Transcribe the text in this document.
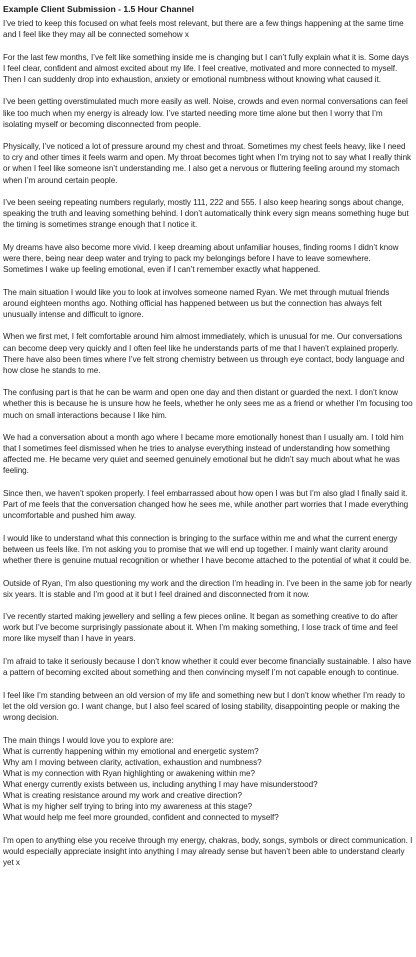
Example Client Submission - 1.5 Hour Channel
I’ve tried to keep this focused on what feels most relevant, but there are a few things happening at the same time and I feel like they may all be connected somehow x
For the last few months, I’ve felt like something inside me is changing but I can’t fully explain what it is. Some days I feel clear, confident and almost excited about my life. I feel creative, motivated and more connected to myself. Then I can suddenly drop into exhaustion, anxiety or emotional numbness without knowing what caused it.
I’ve been getting overstimulated much more easily as well. Noise, crowds and even normal conversations can feel like too much when my energy is already low. I’ve started needing more time alone but then I worry that I’m isolating myself or becoming disconnected from people.
Physically, I’ve noticed a lot of pressure around my chest and throat. Sometimes my chest feels heavy, like I need to cry and other times it feels warm and open. My throat becomes tight when I’m trying not to say what I really think or when I feel like someone isn’t understanding me. I also get a nervous or fluttering feeling around my stomach when I’m around certain people.
I’ve been seeing repeating numbers regularly, mostly 111, 222 and 555. I also keep hearing songs about change, speaking the truth and leaving something behind. I don’t automatically think every sign means something huge but the timing is sometimes strange enough that I notice it.
My dreams have also become more vivid. I keep dreaming about unfamiliar houses, finding rooms I didn’t know were there, being near deep water and trying to pack my belongings before I have to leave somewhere. Sometimes I wake up feeling emotional, even if I can’t remember exactly what happened.
The main situation I would like you to look at involves someone named Ryan. We met through mutual friends around eighteen months ago. Nothing official has happened between us but the connection has always felt unusually intense and difficult to ignore.
When we first met, I felt comfortable around him almost immediately, which is unusual for me. Our conversations can become deep very quickly and I often feel like he understands parts of me that I haven’t explained properly. There have also been times where I’ve felt strong chemistry between us through eye contact, body language and how close he stands to me.
The confusing part is that he can be warm and open one day and then distant or guarded the next. I don’t know whether this is because he is unsure how he feels, whether he only sees me as a friend or whether I’m focusing too much on small interactions because I like him.
We had a conversation about a month ago where I became more emotionally honest than I usually am. I told him that I sometimes feel dismissed when he tries to analyse everything instead of understanding how something affected me. He became very quiet and seemed genuinely emotional but he didn’t say much about what he was feeling.
Since then, we haven’t spoken properly. I feel embarrassed about how open I was but I’m also glad I finally said it. Part of me feels that the conversation changed how he sees me, while another part worries that I made everything uncomfortable and pushed him away.
I would like to understand what this connection is bringing to the surface within me and what the current energy between us feels like. I’m not asking you to promise that we will end up together. I mainly want clarity around whether there is genuine mutual recognition or whether I have become attached to the potential of what it could be.
Outside of Ryan, I’m also questioning my work and the direction I’m heading in. I’ve been in the same job for nearly six years. It is stable and I’m good at it but I feel drained and disconnected from it now.
I’ve recently started making jewellery and selling a few pieces online. It began as something creative to do after work but I’ve become surprisingly passionate about it. When I’m making something, I lose track of time and feel more like myself than I have in years.
I’m afraid to take it seriously because I don’t know whether it could ever become financially sustainable. I also have a pattern of becoming excited about something and then convincing myself I’m not capable enough to continue.
I feel like I’m standing between an old version of my life and something new but I don’t know whether I’m ready to let the old version go. I want change, but I also feel scared of losing stability, disappointing people or making the wrong decision.
The main things I would love you to explore are:
What is currently happening within my emotional and energetic system?
Why am I moving between clarity, activation, exhaustion and numbness?
What is my connection with Ryan highlighting or awakening within me?
What energy currently exists between us, including anything I may have misunderstood?
What is creating resistance around my work and creative direction?
What is my higher self trying to bring into my awareness at this stage?
What would help me feel more grounded, confident and connected to myself?
I’m open to anything else you receive through my energy, chakras, body, songs, symbols or direct communication. I would especially appreciate insight into anything I may already sense but haven’t been able to understand clearly yet x
